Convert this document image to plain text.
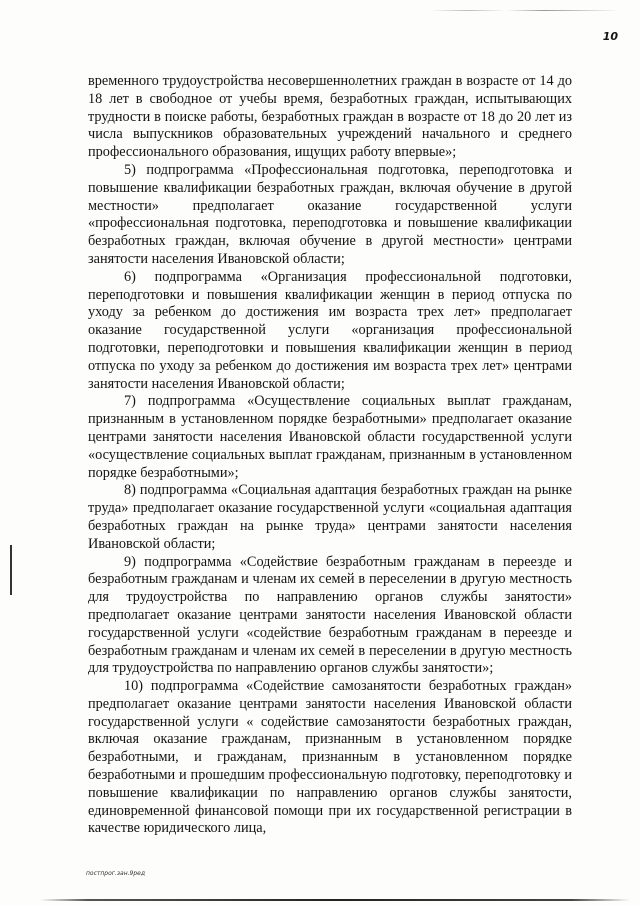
10

временного трудоустройства несовершеннолетних граждан в возрасте от 14 до 18 лет в свободное от учебы время, безработных граждан, испытывающих трудности в поиске работы, безработных граждан в возрасте от 18 до 20 лет из числа выпускников образовательных учреждений начального и среднего профессионального образования, ищущих работу впервые»;

5) подпрограмма «Профессиональная подготовка, переподготовка и повышение квалификации безработных граждан, включая обучение в другой местности» предполагает оказание государственной услуги «профессиональная подготовка, переподготовка и повышение квалификации безработных граждан, включая обучение в другой местности» центрами занятости населения Ивановской области;

6) подпрограмма «Организация профессиональной подготовки, переподготовки и повышения квалификации женщин в период отпуска по уходу за ребенком до достижения им возраста трех лет» предполагает оказание государственной услуги «организация профессиональной подготовки, переподготовки и повышения квалификации женщин в период отпуска по уходу за ребенком до достижения им возраста трех лет» центрами занятости населения Ивановской области;

7) подпрограмма «Осуществление социальных выплат гражданам, признанным в установленном порядке безработными» предполагает оказание центрами занятости населения Ивановской области государственной услуги «осуществление социальных выплат гражданам, признанным в установленном порядке безработными»;

8) подпрограмма «Социальная адаптация безработных граждан на рынке труда» предполагает оказание государственной услуги «социальная адаптация безработных граждан на рынке труда» центрами занятости населения Ивановской области;

9) подпрограмма «Содействие безработным гражданам в переезде и безработным гражданам и членам их семей в переселении в другую местность для трудоустройства по направлению органов службы занятости» предполагает оказание центрами занятости населения Ивановской области государственной услуги «содействие безработным гражданам в переезде и безработным гражданам и членам их семей в переселении в другую местность для трудоустройства по направлению органов службы занятости»;

10) подпрограмма «Содействие самозанятости безработных граждан» предполагает оказание центрами занятости населения Ивановской области государственной услуги « содействие самозанятости безработных граждан, включая оказание гражданам, признанным в установленном порядке безработными, и гражданам, признанным в установленном порядке безработными и прошедшим профессиональную подготовку, переподготовку и повышение квалификации по направлению органов службы занятости, единовременной финансовой помощи при их государственной регистрации в качестве юридического лица,

постпрог.зан.9ред
